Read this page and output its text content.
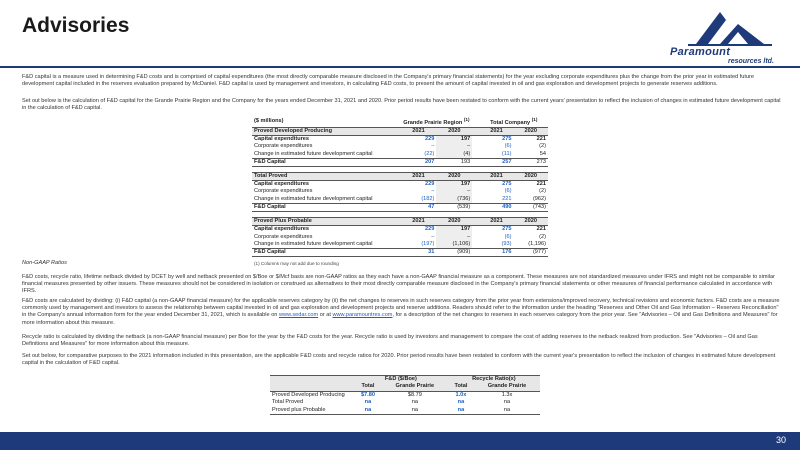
Advisories
Paramount
resources ltd.
F&D capital is a measure used in determining F&D costs and is comprised of capital expenditures (the most directly comparable measure disclosed in the Company's primary financial statements) for the year excluding corporate expenditures plus the change from the prior year in estimated future development capital included in the reserves evaluation prepared by McDaniel. F&D capital is used by management and investors, in calculating F&D costs, to present the amount of capital invested in oil and gas exploration and development projects to generate reserves additions.
Set out below is the calculation of F&D capital for the Grande Prairie Region and the Company for the years ended December 31, 2021 and 2020. Prior period results have been restated to conform with the current years' presentation to reflect the inclusion of changes in estimated future development capital in the calculation of F&D capital.
($ millions)	Grande Prairie Region $^{(1)}$			Total Company $^{(1)}$
Proved Developed Producing	2021	2020		2021	2020
Capital expenditures	229	197		275	221
Corporate expenditures	–	–		(6)	(2)
Change in estimated future development capital	(22)	(4)		(11)	54
F&D Capital	207	193		257	273

Total Proved	2021	2020		2021	2020
Capital expenditures	229	197		275	221
Corporate expenditures	–	–		(6)	(2)
Change in estimated future development capital	(182)	(736)		221	(962)
F&D Capital	47	(539)		490	(743)

Proved Plus Probable	2021	2020		2021	2020
Capital expenditures	229	197		275	221
Corporate expenditures	–	–		(6)	(2)
Change in estimated future development capital	(197)	(1,106)		(93)	(1,196)
F&D Capital	31	(909)		176	(977)
(1) Columns may not add due to rounding					
Non-GAAP Ratios
F&D costs, recycle ratio, lifetime netback divided by DCET by well and netback presented on $/Boe or $/Mcf basis are non-GAAP ratios as they each have a non-GAAP financial measure as a component. These measures are not standardized measures under IFRS and might not be comparable to similar financial measures presented by other issuers. These measures should not be considered in isolation or construed as alternatives to their most directly comparable measure disclosed in the Company's primary financial statements or other measures of financial performance calculated in accordance with IFRS.
F&D costs are calculated by dividing: (i) F&D capital (a non-GAAP financial measure) for the applicable reserves category by (ii) the net changes to reserves in such reserves category from the prior year from extensions/improved recovery, technical revisions and economic factors. F&D costs are a measure commonly used by management and investors to assess the relationship between capital invested in oil and gas exploration and development projects and reserve additions. Readers should refer to the information under the heading "Reserves and Other Oil and Gas Information – Reserves Reconciliation" in the Company's annual information form for the year ended December 31, 2021, which is available on www.sedar.com or at www.paramountres.com, for a description of the net changes to reserves in each reserves category from the prior year. See "Advisories – Oil and Gas Definitions and Measures" for more information about this measure.
Recycle ratio is calculated by dividing the netback (a non-GAAP financial measure) per Boe for the year by the F&D costs for the year. Recycle ratio is used by investors and management to compare the cost of adding reserves to the netback realized from production. See "Advisories – Oil and Gas Definitions and Measures" for more information about this measure.
Set out below, for comparative purposes to the 2021 information included in this presentation, are the applicable F&D costs and recycle ratios for 2020. Prior period results have been restated to conform with the current year's presentation to reflect the inclusion of changes in estimated future development capital in the calculation of F&D capital.
	F&D ($/Boe)		Recycle Ratio(x)	
	Total	Grande Prairie	Total	Grande Prairie
Proved Developed Producing	$7.80	$8.79	1.0x	1.3x
Total Proved	na	na	na	na
Proved plus Probable	na	na	na	na
30
